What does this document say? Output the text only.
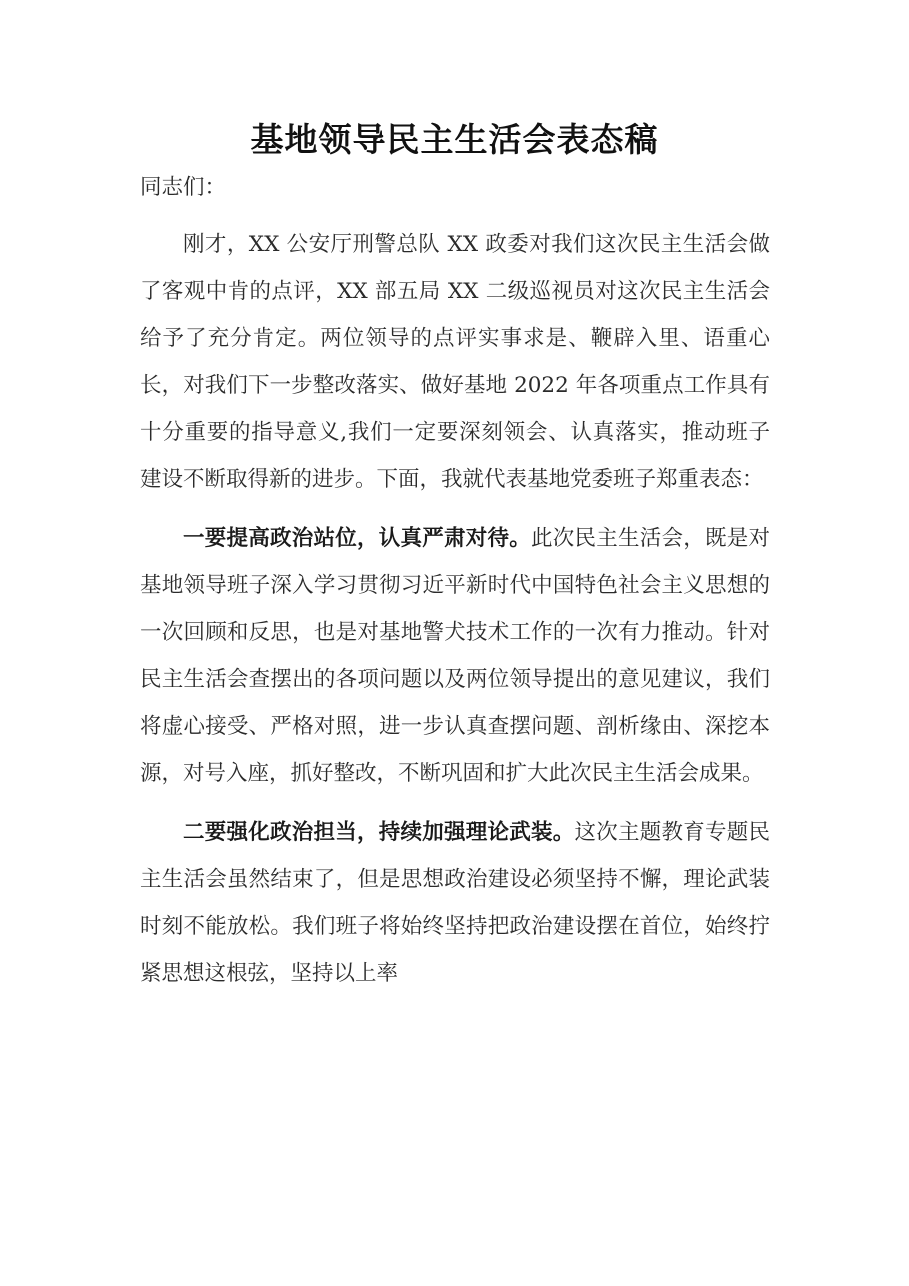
基地领导民主生活会表态稿

同志们：

刚才，XX 公安厅刑警总队 XX 政委对我们这次民主生活会做了客观中肯的点评，XX 部五局 XX 二级巡视员对这次民主生活会给予了充分肯定。两位领导的点评实事求是、鞭辟入里、语重心长，对我们下一步整改落实、做好基地 2022 年各项重点工作具有十分重要的指导意义,我们一定要深刻领会、认真落实，推动班子建设不断取得新的进步。下面，我就代表基地党委班子郑重表态：

一要提高政治站位，认真严肃对待。此次民主生活会，既是对基地领导班子深入学习贯彻习近平新时代中国特色社会主义思想的一次回顾和反思，也是对基地警犬技术工作的一次有力推动。针对民主生活会查摆出的各项问题以及两位领导提出的意见建议，我们将虚心接受、严格对照，进一步认真查摆问题、剖析缘由、深挖本源，对号入座，抓好整改，不断巩固和扩大此次民主生活会成果。

二要强化政治担当，持续加强理论武装。这次主题教育专题民主生活会虽然结束了，但是思想政治建设必须坚持不懈，理论武装时刻不能放松。我们班子将始终坚持把政治建设摆在首位，始终拧紧思想这根弦，坚持以上率
